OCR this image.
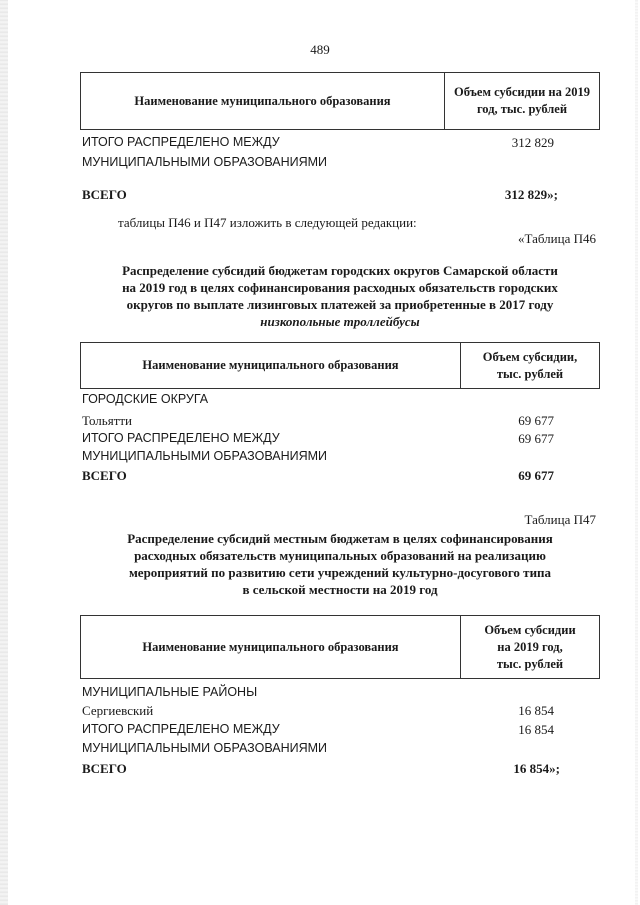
489
Наименование муниципального образования
Объем субсидии на 2019 год, тыс. рублей
ИТОГО РАСПРЕДЕЛЕНО МЕЖДУ	312 829
МУНИЦИПАЛЬНЫМИ ОБРАЗОВАНИЯМИ
ВСЕГО	312 829»;
таблицы П46 и П47 изложить в следующей редакции:
«Таблица П46
Распределение субсидий бюджетам городских округов Самарской области
на 2019 год в целях софинансирования расходных обязательств городских
округов по выплате лизинговых платежей за приобретенные в 2017 году
низкопольные троллейбусы
Наименование муниципального образования
Объем субсидии,
тыс. рублей
ГОРОДСКИЕ ОКРУГА
Тольятти	69 677
ИТОГО РАСПРЕДЕЛЕНО МЕЖДУ	69 677
МУНИЦИПАЛЬНЫМИ ОБРАЗОВАНИЯМИ
ВСЕГО	69 677
Таблица П47
Распределение субсидий местным бюджетам в целях софинансирования
расходных обязательств муниципальных образований на реализацию
мероприятий по развитию сети учреждений культурно-досугового типа
в сельской местности на 2019 год
Наименование муниципального образования
Объем субсидии
на 2019 год,
тыс. рублей
МУНИЦИПАЛЬНЫЕ РАЙОНЫ
Сергиевский	16 854
ИТОГО РАСПРЕДЕЛЕНО МЕЖДУ	16 854
МУНИЦИПАЛЬНЫМИ ОБРАЗОВАНИЯМИ
ВСЕГО	16 854»;
